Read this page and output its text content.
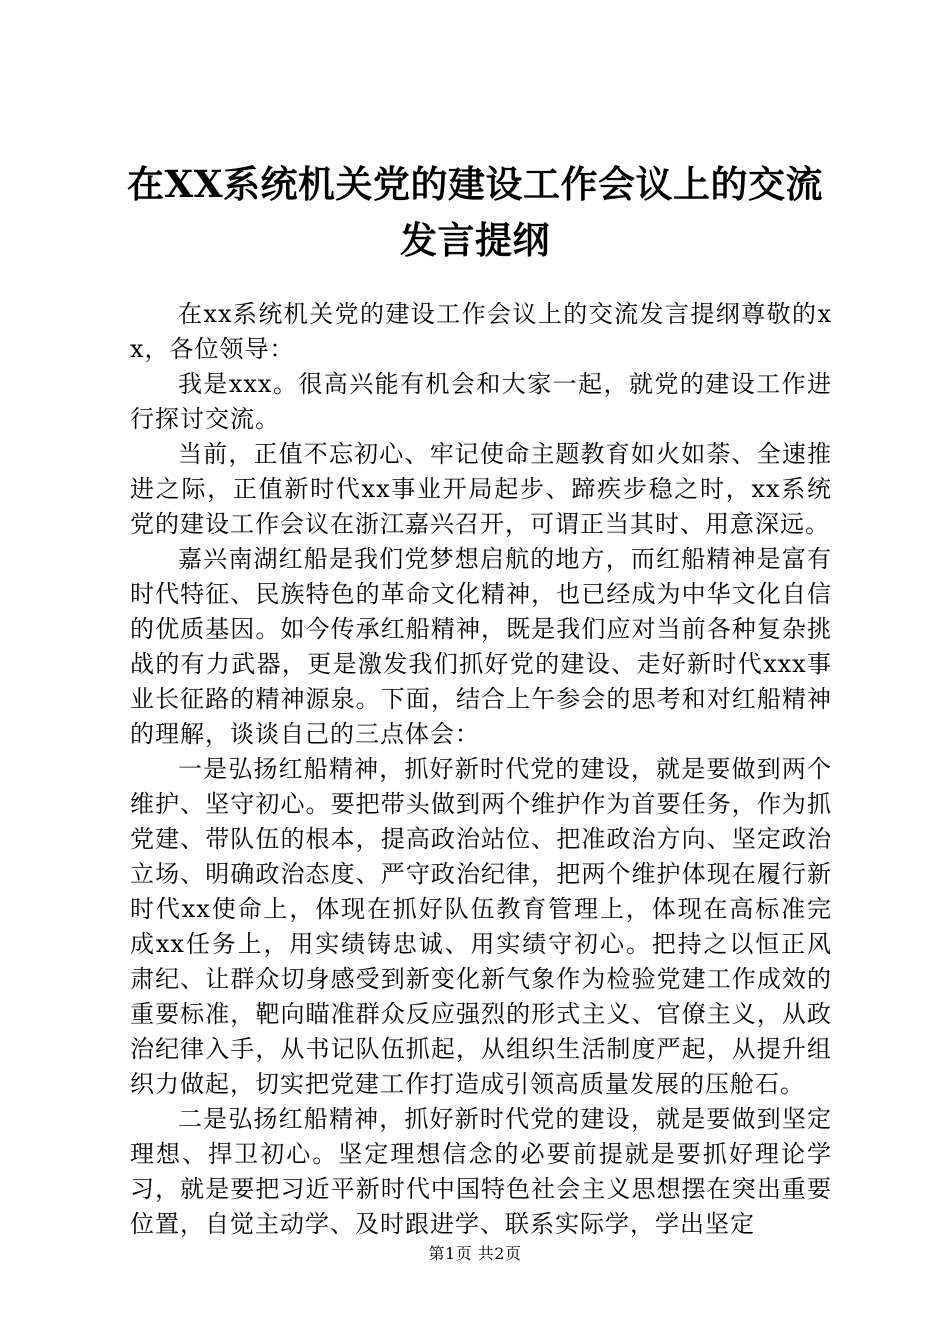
在XX系统机关党的建设工作会议上的交流发言提纲

在xx系统机关党的建设工作会议上的交流发言提纲尊敬的xx，各位领导：

我是xxx。很高兴能有机会和大家一起，就党的建设工作进行探讨交流。

当前，正值不忘初心、牢记使命主题教育如火如荼、全速推进之际，正值新时代xx事业开局起步、蹄疾步稳之时，xx系统党的建设工作会议在浙江嘉兴召开，可谓正当其时、用意深远。

嘉兴南湖红船是我们党梦想启航的地方，而红船精神是富有时代特征、民族特色的革命文化精神，也已经成为中华文化自信的优质基因。如今传承红船精神，既是我们应对当前各种复杂挑战的有力武器，更是激发我们抓好党的建设、走好新时代xxx事业长征路的精神源泉。下面，结合上午参会的思考和对红船精神的理解，谈谈自己的三点体会：

一是弘扬红船精神，抓好新时代党的建设，就是要做到两个维护、坚守初心。要把带头做到两个维护作为首要任务，作为抓党建、带队伍的根本，提高政治站位、把准政治方向、坚定政治立场、明确政治态度、严守政治纪律，把两个维护体现在履行新时代xx使命上，体现在抓好队伍教育管理上，体现在高标准完成xx任务上，用实绩铸忠诚、用实绩守初心。把持之以恒正风肃纪、让群众切身感受到新变化新气象作为检验党建工作成效的重要标准，靶向瞄准群众反应强烈的形式主义、官僚主义，从政治纪律入手，从书记队伍抓起，从组织生活制度严起，从提升组织力做起，切实把党建工作打造成引领高质量发展的压舱石。

二是弘扬红船精神，抓好新时代党的建设，就是要做到坚定理想、捍卫初心。坚定理想信念的必要前提就是要抓好理论学习，就是要把习近平新时代中国特色社会主义思想摆在突出重要位置，自觉主动学、及时跟进学、联系实际学，学出坚定

第1页 共2页
